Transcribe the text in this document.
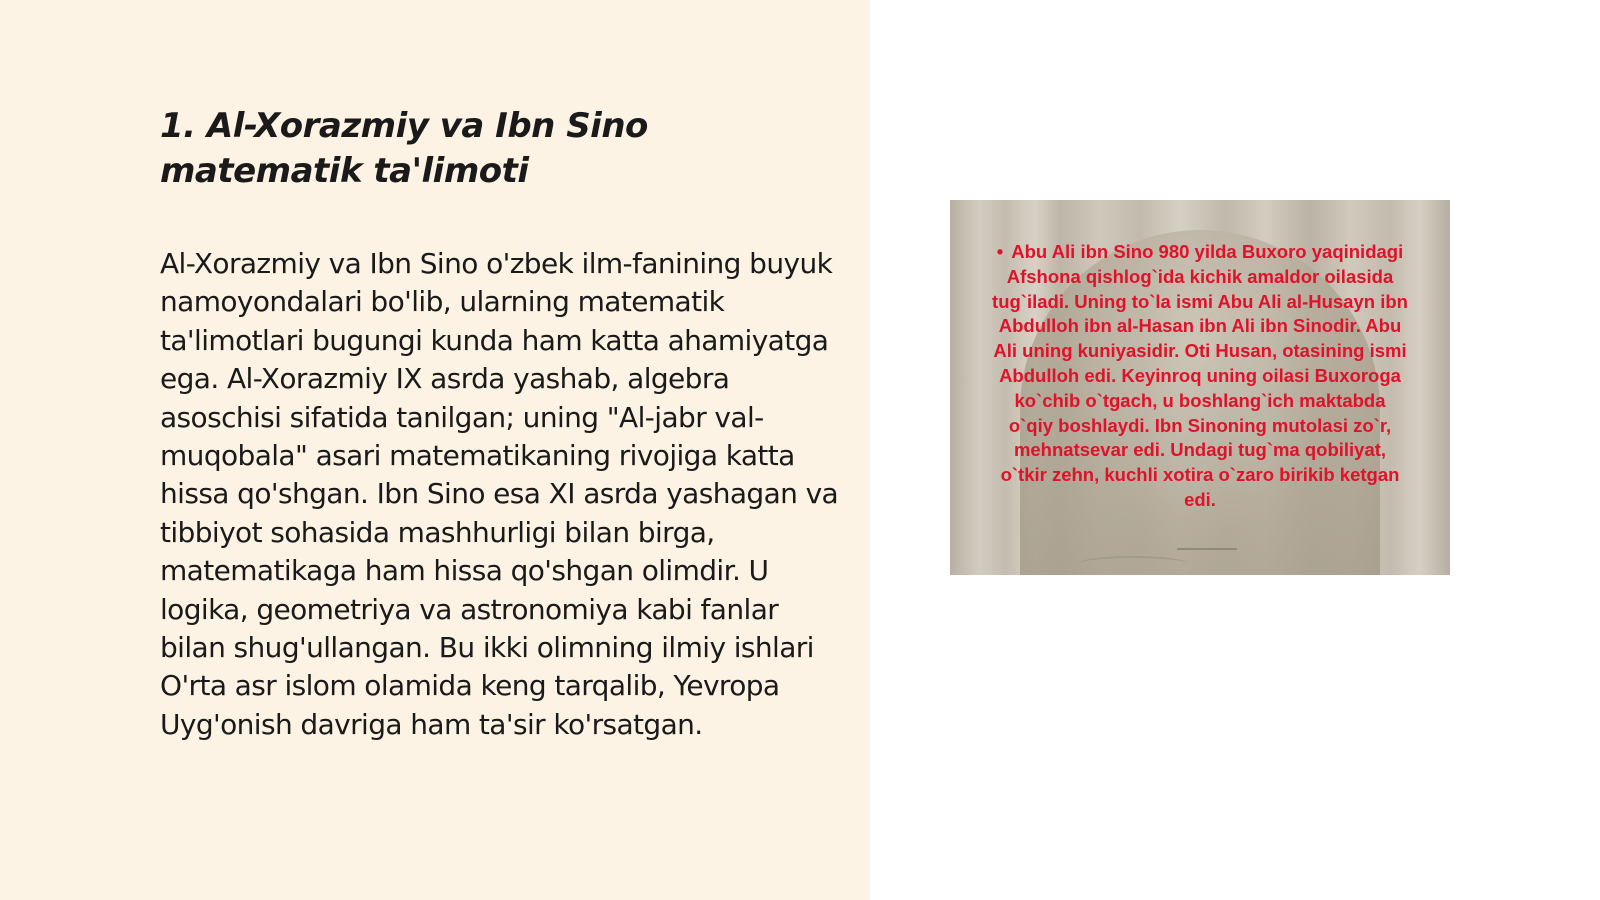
1. Al-Xorazmiy va Ibn Sino matematik ta'limoti

Al-Xorazmiy va Ibn Sino o'zbek ilm-fanining buyuk namoyondalari bo'lib, ularning matematik ta'limotlari bugungi kunda ham katta ahamiyatga ega. Al-Xorazmiy IX asrda yashab, algebra asoschisi sifatida tanilgan; uning "Al-jabr val-muqobala" asari matematikaning rivojiga katta hissa qo'shgan. Ibn Sino esa XI asrda yashagan va tibbiyot sohasida mashhurligi bilan birga, matematikaga ham hissa qo'shgan olimdir. U logika, geometriya va astronomiya kabi fanlar bilan shug'ullangan. Bu ikki olimning ilmiy ishlari O'rta asr islom olamida keng tarqalib, Yevropa Uyg'onish davriga ham ta'sir ko'rsatgan.

• Abu Ali ibn Sino 980 yilda Buxoro yaqinidagi Afshona qishlog`ida kichik amaldor oilasida tug`iladi. Uning to`la ismi Abu Ali al-Husayn ibn Abdulloh ibn al-Hasan ibn Ali ibn Sinodir. Abu Ali uning kuniyasidir. Oti Husan, otasining ismi Abdulloh edi. Keyinroq uning oilasi Buxoroga ko`chib o`tgach, u boshlang`ich maktabda o`qiy boshlaydi. Ibn Sinoning mutolasi zo`r, mehnatsevar edi. Undagi tug`ma qobiliyat, o`tkir zehn, kuchli xotira o`zaro birikib ketgan edi.
